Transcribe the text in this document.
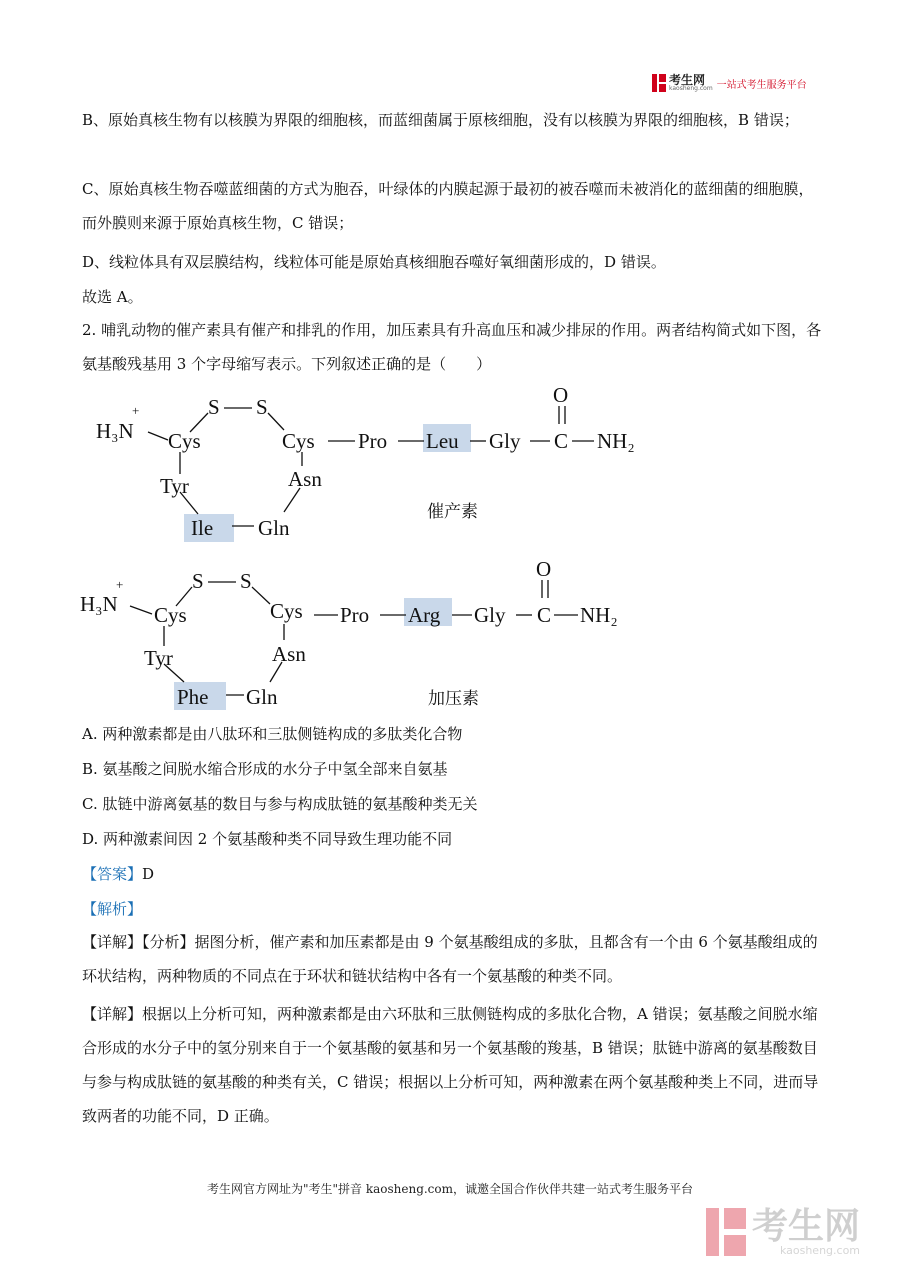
考生网
kaosheng.com 一站式考生服务平台

B、原始真核生物有以核膜为界限的细胞核，而蓝细菌属于原核细胞，没有以核膜为界限的细胞核，B 错误；

C、原始真核生物吞噬蓝细菌的方式为胞吞，叶绿体的内膜起源于最初的被吞噬而未被消化的蓝细菌的细胞膜，而外膜则来源于原始真核生物，C 错误；

D、线粒体具有双层膜结构，线粒体可能是原始真核细胞吞噬好氧细菌形成的，D 错误。

故选 A。

2. 哺乳动物的催产素具有催产和排乳的作用，加压素具有升高血压和减少排尿的作用。两者结构简式如下图，各氨基酸残基用 3 个字母缩写表示。下列叙述正确的是（　　）

H₃N
+
Cys
S S
Cys
Tyr	Asn
Ile Gln
Pro Leu Gly C
O
NH₂
催产素
H₃N
+
Cys
S S
Cys
Tyr	Asn
Phe Gln
Pro Arg Gly C
O
NH₂
加压素

A. 两种激素都是由八肽环和三肽侧链构成的多肽类化合物

B. 氨基酸之间脱水缩合形成的水分子中氢全部来自氨基

C. 肽链中游离氨基的数目与参与构成肽链的氨基酸种类无关

D. 两种激素间因 2 个氨基酸种类不同导致生理功能不同

【答案】D

【解析】

【详解】【分析】据图分析，催产素和加压素都是由 9 个氨基酸组成的多肽，且都含有一个由 6 个氨基酸组成的环状结构，两种物质的不同点在于环状和链状结构中各有一个氨基酸的种类不同。

【详解】根据以上分析可知，两种激素都是由六环肽和三肽侧链构成的多肽化合物，A 错误；氨基酸之间脱水缩合形成的水分子中的氢分别来自于一个氨基酸的氨基和另一个氨基酸的羧基，B 错误；肽链中游离的氨基酸数目与参与构成肽链的氨基酸的种类有关，C 错误；根据以上分析可知，两种激素在两个氨基酸种类上不同，进而导致两者的功能不同，D 正确。

考生网官方网址为"考生"拼音 kaosheng.com，诚邀全国合作伙伴共建一站式考生服务平台
考生网
kaosheng.com
